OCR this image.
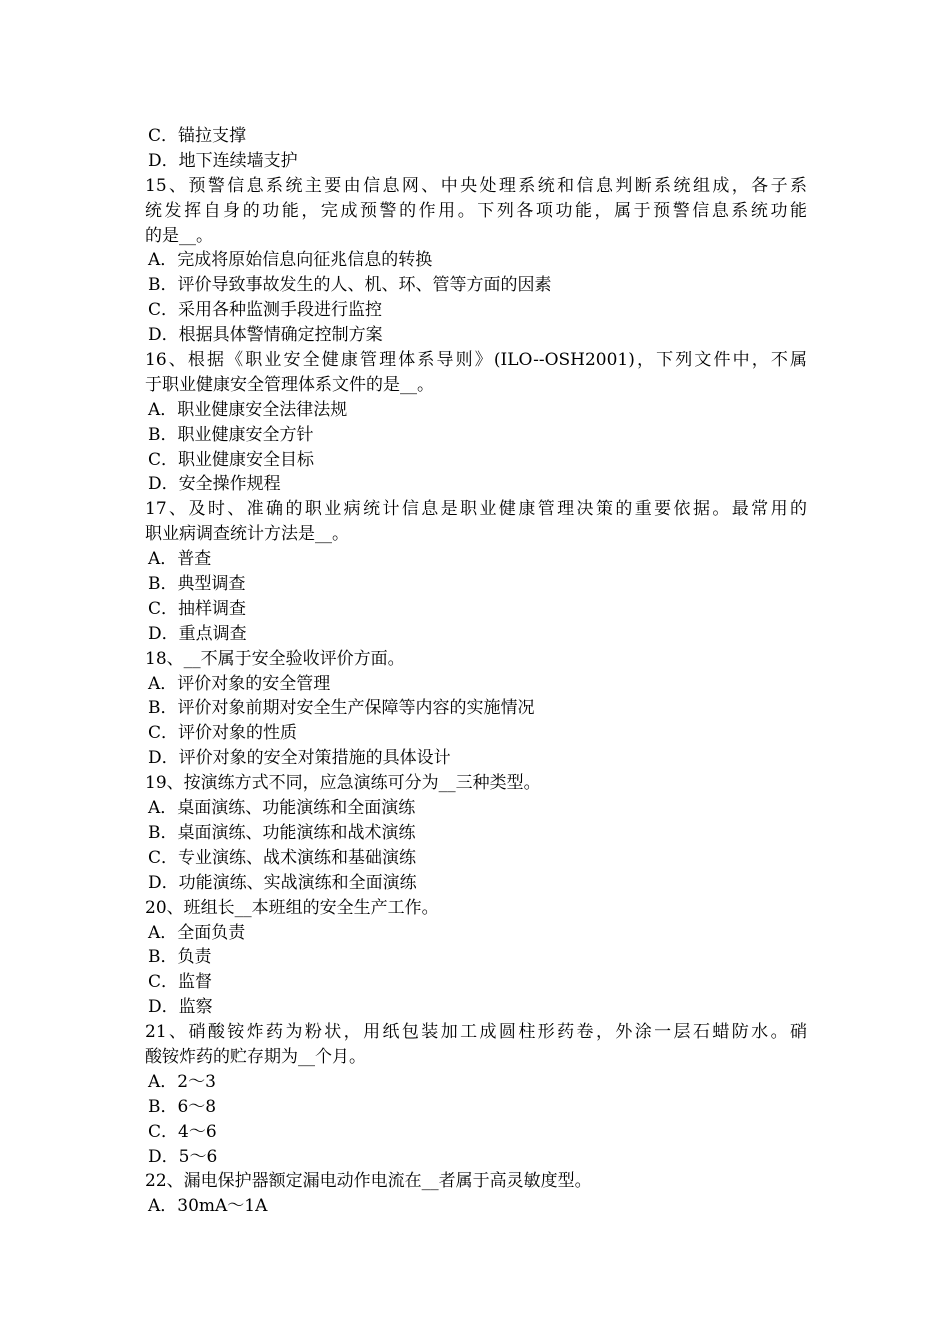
C．锚拉支撑
D．地下连续墙支护
15、预警信息系统主要由信息网、中央处理系统和信息判断系统组成，各子系
统发挥自身的功能，完成预警的作用。下列各项功能，属于预警信息系统功能
的是__。
A．完成将原始信息向征兆信息的转换
B．评价导致事故发生的人、机、环、管等方面的因素
C．采用各种监测手段进行监控
D．根据具体警情确定控制方案
16、根据《职业安全健康管理体系导则》(ILO--OSH2001)，下列文件中，不属
于职业健康安全管理体系文件的是__。
A．职业健康安全法律法规
B．职业健康安全方针
C．职业健康安全目标
D．安全操作规程
17、及时、准确的职业病统计信息是职业健康管理决策的重要依据。最常用的
职业病调查统计方法是__。
A．普查
B．典型调查
C．抽样调查
D．重点调查
18、__不属于安全验收评价方面。
A．评价对象的安全管理
B．评价对象前期对安全生产保障等内容的实施情况
C．评价对象的性质
D．评价对象的安全对策措施的具体设计
19、按演练方式不同，应急演练可分为__三种类型。
A．桌面演练、功能演练和全面演练
B．桌面演练、功能演练和战术演练
C．专业演练、战术演练和基础演练
D．功能演练、实战演练和全面演练
20、班组长__本班组的安全生产工作。
A．全面负责
B．负责
C．监督
D．监察
21、硝酸铵炸药为粉状，用纸包装加工成圆柱形药卷，外涂一层石蜡防水。硝
酸铵炸药的贮存期为__个月。
A．2～3
B．6～8
C．4～6
D．5～6
22、漏电保护器额定漏电动作电流在__者属于高灵敏度型。
A．30mA～1A
